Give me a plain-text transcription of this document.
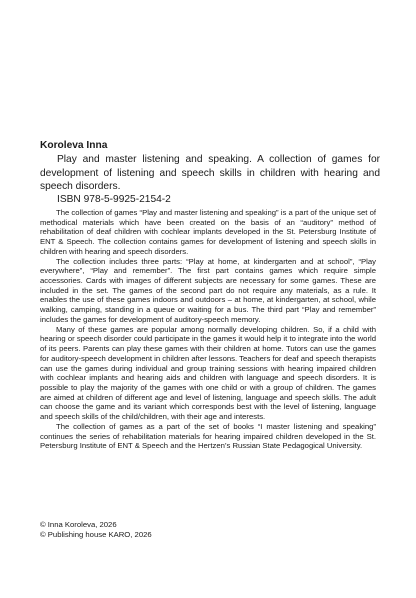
Koroleva Inna
Play and master listening and speaking. A collection of games for development of listening and speech skills in children with hearing and speech disorders.
ISBN 978-5-9925-2154-2

The collection of games “Play and master listening and speaking” is a part of the unique set of methodical materials which have been created on the basis of an “auditory” method of rehabilitation of deaf children with cochlear implants developed in the St. Petersburg Institute of ENT & Speech. The collection contains games for development of listening and speech skills in children with hearing and speech disorders.

The collection includes three parts: “Play at home, at kindergarten and at school”, “Play everywhere”, “Play and remember”. The first part contains games which require simple accessories. Cards with images of different subjects are necessary for some games. These are included in the set. The games of the second part do not require any materials, as a rule. It enables the use of these games indoors and outdoors – at home, at kindergarten, at school, while walking, camping, standing in a queue or waiting for a bus. The third part “Play and remember” includes the games for development of auditory-speech memory.

Many of these games are popular among normally developing children. So, if a child with hearing or speech disorder could participate in the games it would help it to integrate into the world of its peers. Parents can play these games with their children at home. Tutors can use the games for auditory-speech development in children after lessons. Teachers for deaf and speech therapists can use the games during individual and group training sessions with hearing impaired children with cochlear implants and hearing aids and children with language and speech disorders. It is possible to play the majority of the games with one child or with a group of children. The games are aimed at children of different age and level of listening, language and speech skills. The adult can choose the game and its variant which corresponds best with the level of listening, language and speech skills of the child/children, with their age and interests.

The collection of games as a part of the set of books “I master listening and speaking” continues the series of rehabilitation materials for hearing impaired children developed in the St. Petersburg Institute of ENT & Speech and the Hertzen’s Russian State Pedagogical University.

© Inna Koroleva, 2026
© Publishing house KARO, 2026
